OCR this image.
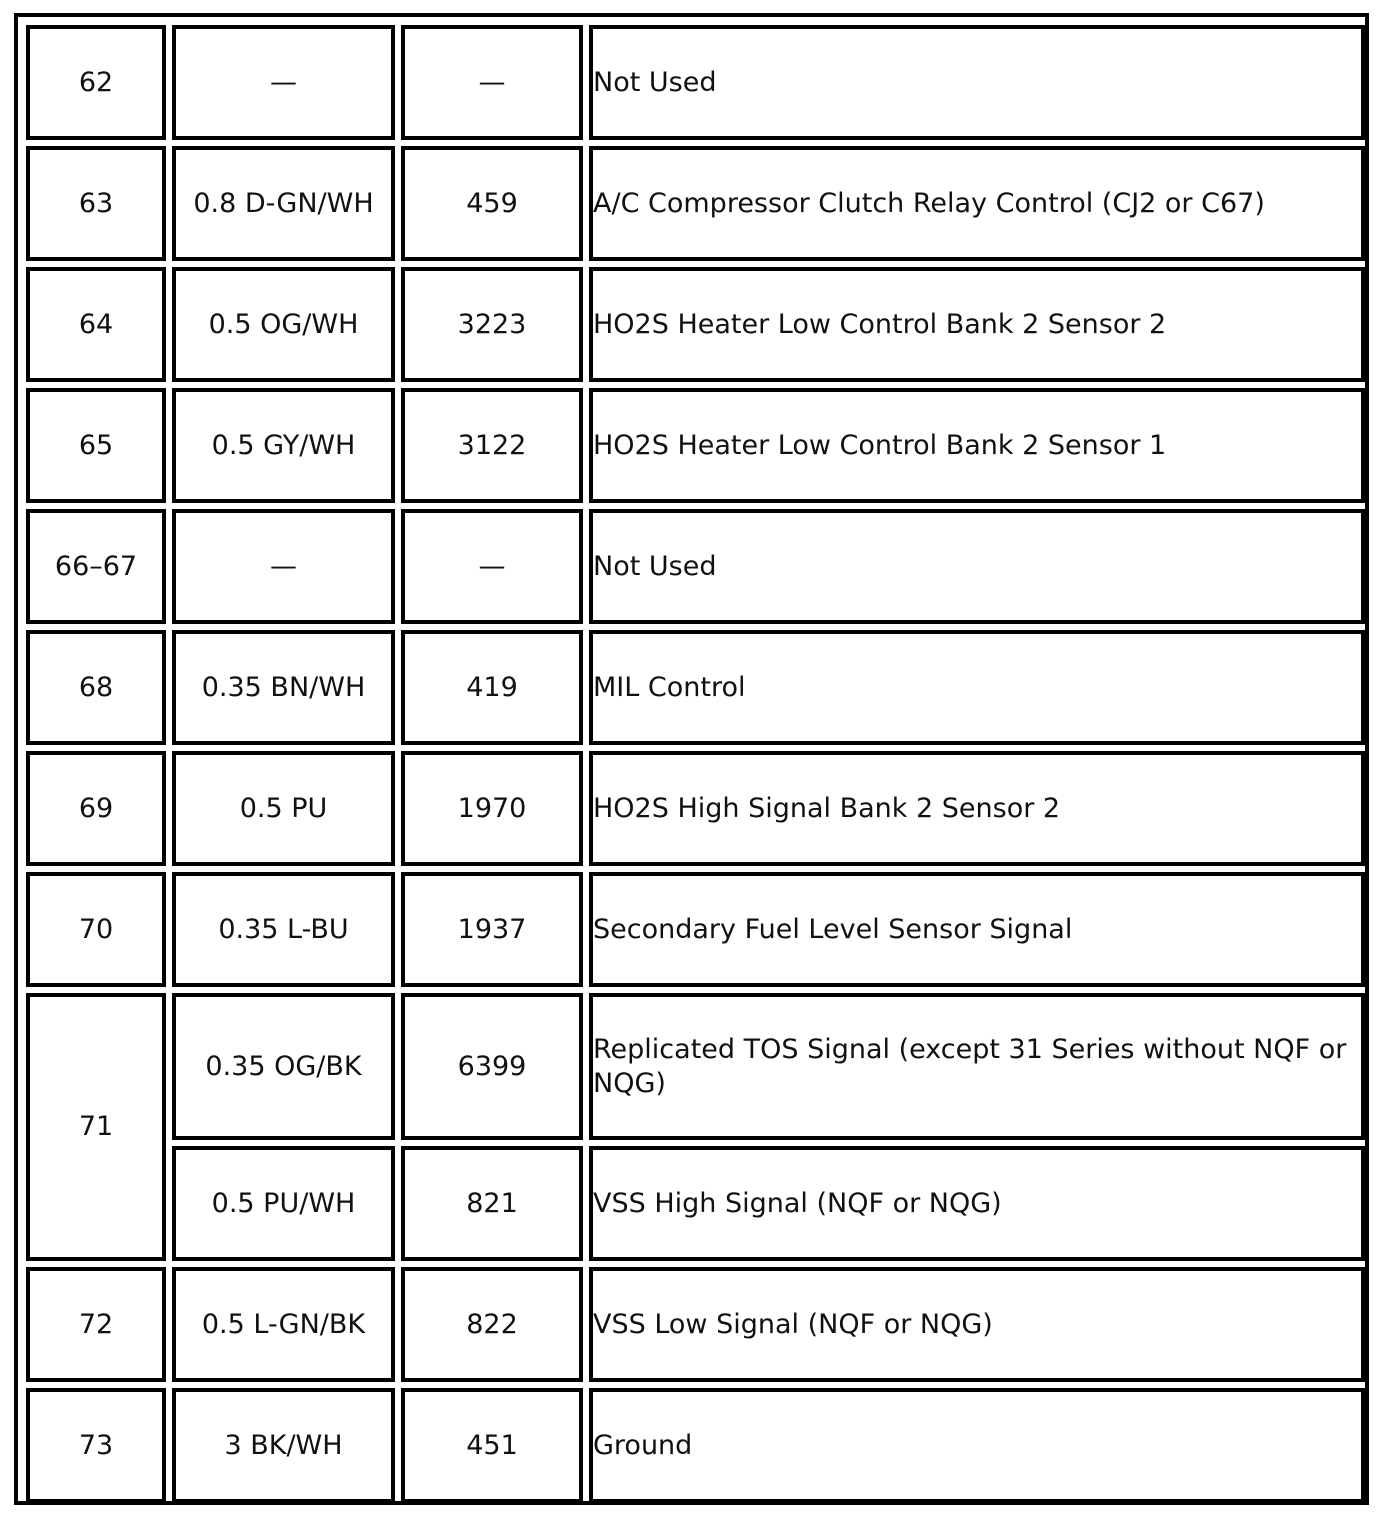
62	—	—	Not Used
63	0.8 D-GN/WH	459	A/C Compressor Clutch Relay Control (CJ2 or C67)
64	0.5 OG/WH	3223	HO2S Heater Low Control Bank 2 Sensor 2
65	0.5 GY/WH	3122	HO2S Heater Low Control Bank 2 Sensor 1
66–67	—	—	Not Used
68	0.35 BN/WH	419	MIL Control
69	0.5 PU	1970	HO2S High Signal Bank 2 Sensor 2
70	0.35 L-BU	1937	Secondary Fuel Level Sensor Signal
71	0.35 OG/BK	6399	Replicated TOS Signal (except 31 Series without NQF or NQG)
	0.5 PU/WH	821	VSS High Signal (NQF or NQG)
72	0.5 L-GN/BK	822	VSS Low Signal (NQF or NQG)
73	3 BK/WH	451	Ground
